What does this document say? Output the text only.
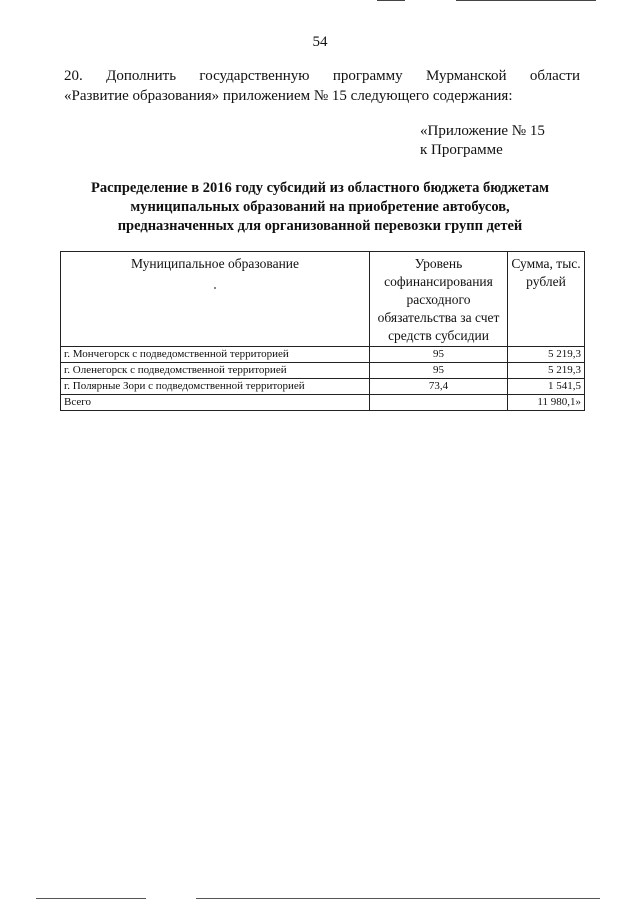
54
20. Дополнить государственную программу Мурманской области
«Развитие образования» приложением № 15 следующего содержания:
«Приложение № 15
к Программе
Распределение в 2016 году субсидий из областного бюджета бюджетам
муниципальных образований на приобретение автобусов,
предназначенных для организованной перевозки групп детей
Муниципальное образование	Уровень софинансирования расходного обязательства за счет средств субсидии	Сумма, тыс. рублей
г. Мончегорск с подведомственной территорией	95	5 219,3
г. Оленегорск с подведомственной территорией	95	5 219,3
г. Полярные Зори с подведомственной территорией	73,4	1 541,5
Всего		11 980,1»
